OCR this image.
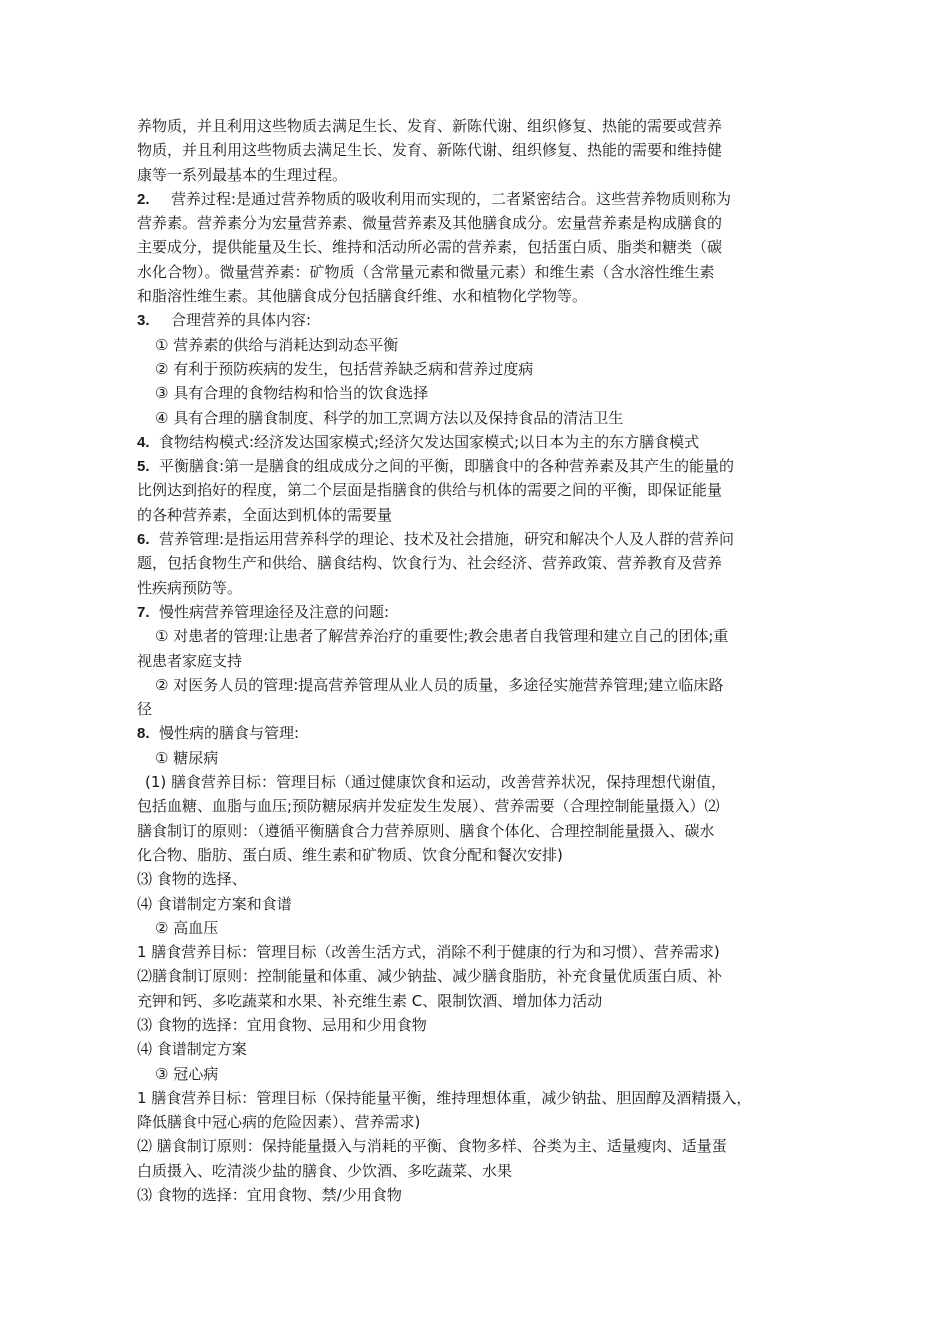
养物质，并且利用这些物质去满足生长、发育、新陈代谢、组织修复、热能的需要或营养
物质，并且利用这些物质去满足生长、发育、新陈代谢、组织修复、热能的需要和维持健
康等一系列最基本的生理过程。
2. 营养过程:是通过营养物质的吸收利用而实现的，二者紧密结合。这些营养物质则称为
营养素。营养素分为宏量营养素、微量营养素及其他膳食成分。宏量营养素是构成膳食的
主要成分，提供能量及生长、维持和活动所必需的营养素，包括蛋白质、脂类和糖类（碳
水化合物）。微量营养素：矿物质（含常量元素和微量元素）和维生素（含水溶性维生素
和脂溶性维生素。其他膳食成分包括膳食纤维、水和植物化学物等。
3. 合理营养的具体内容:
① 营养素的供给与消耗达到动态平衡
② 有利于预防疾病的发生，包括营养缺乏病和营养过度病
③ 具有合理的食物结构和恰当的饮食选择
④ 具有合理的膳食制度、科学的加工烹调方法以及保持食品的清洁卫生
4. 食物结构模式:经济发达国家模式;经济欠发达国家模式;以日本为主的东方膳食模式
5. 平衡膳食:第一是膳食的组成成分之间的平衡，即膳食中的各种营养素及其产生的能量的
比例达到掐好的程度，第二个层面是指膳食的供给与机体的需要之间的平衡，即保证能量
的各种营养素，全面达到机体的需要量
6. 营养管理:是指运用营养科学的理论、技术及社会措施，研究和解决个人及人群的营养问
题，包括食物生产和供给、膳食结构、饮食行为、社会经济、营养政策、营养教育及营养
性疾病预防等。
7. 慢性病营养管理途径及注意的问题:
① 对患者的管理:让患者了解营养治疗的重要性;教会患者自我管理和建立自己的团体;重
视患者家庭支持
② 对医务人员的管理:提高营养管理从业人员的质量，多途径实施营养管理;建立临床路
径
8. 慢性病的膳食与管理:
① 糖尿病
(1) 膳食营养目标：管理目标（通过健康饮食和运动，改善营养状况，保持理想代谢值，
包括血糖、血脂与血压;预防糖尿病并发症发生发展）、营养需要（合理控制能量摄入）⑵
膳食制订的原则：（遵循平衡膳食合力营养原则、膳食个体化、合理控制能量摄入、碳水
化合物、脂肪、蛋白质、维生素和矿物质、饮食分配和餐次安排)
⑶ 食物的选择、
⑷ 食谱制定方案和食谱
② 高血压
1 膳食营养目标：管理目标（改善生活方式，消除不利于健康的行为和习惯）、营养需求)
⑵膳食制订原则：控制能量和体重、减少钠盐、减少膳食脂肪，补充食量优质蛋白质、补
充钾和钙、多吃蔬菜和水果、补充维生素 C、限制饮酒、增加体力活动
⑶ 食物的选择：宜用食物、忌用和少用食物
⑷ 食谱制定方案
③ 冠心病
1 膳食营养目标：管理目标（保持能量平衡，维持理想体重，减少钠盐、胆固醇及酒精摄入，
降低膳食中冠心病的危险因素）、营养需求)
⑵ 膳食制订原则：保持能量摄入与消耗的平衡、食物多样、谷类为主、适量瘦肉、适量蛋
白质摄入、吃清淡少盐的膳食、少饮酒、多吃蔬菜、水果
⑶ 食物的选择：宜用食物、禁/少用食物
